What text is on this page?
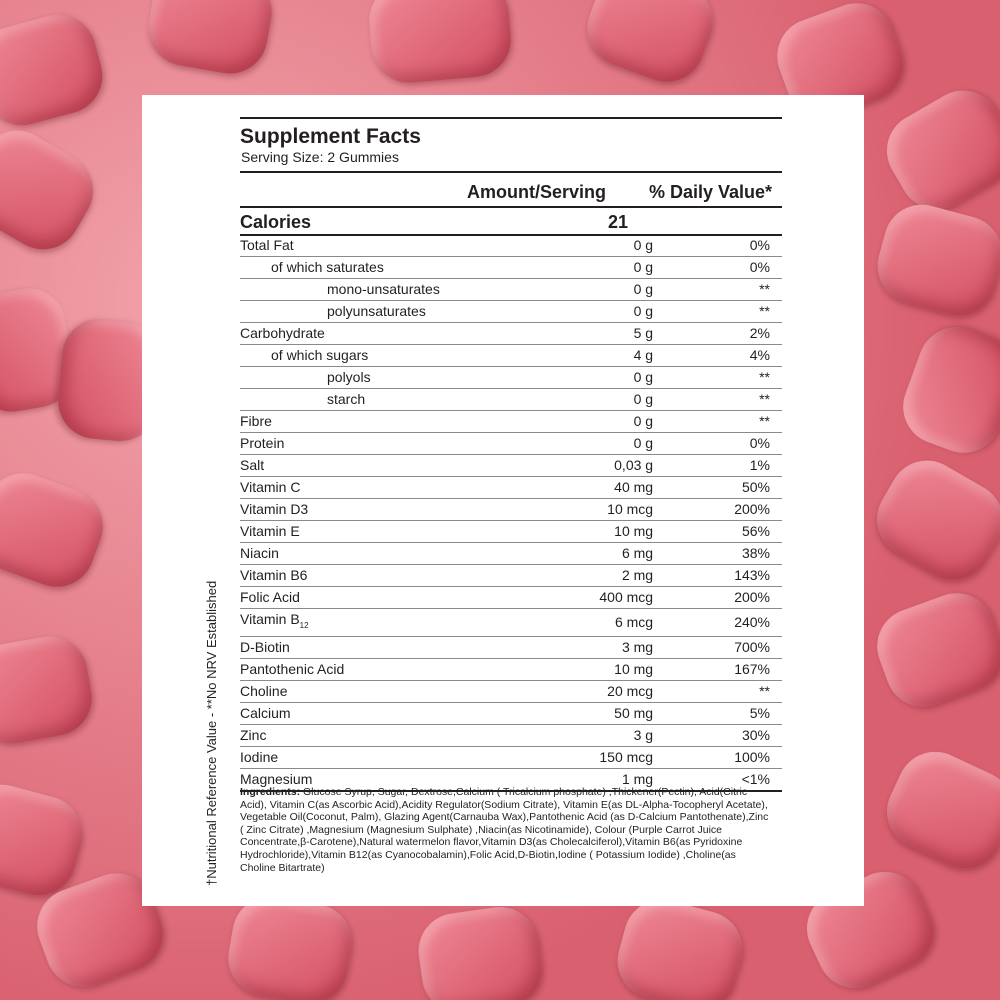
Supplement Facts
Serving Size: 2 Gummies
Amount/Serving % Daily Value*
Calories	21
Total Fat	0 g	0%
of which saturates	0 g	0%
mono-unsaturates	0 g	**
polyunsaturates	0 g	**
Carbohydrate	5 g	2%
of which sugars	4 g	4%
polyols	0 g	**
starch	0 g	**
Fibre	0 g	**
Protein	0 g	0%
Salt	0,03 g	1%
Vitamin C	40 mg	50%
Vitamin D3	10 mcg	200%
Vitamin E	10 mg	56%
Niacin	6 mg	38%
Vitamin B6	2 mg	143%
Folic Acid	400 mcg	200%
Vitamin $B_{12}$	6 mcg	240%
D-Biotin	3 mg	700%
Pantothenic Acid	10 mg	167%
Choline	20 mcg	**
Calcium	50 mg	5%
Zinc	3 g	30%
Iodine	150 mcg	100%
Magnesium	1 mg	<1%
Ingredients: Glucose Syrup, Sugar, Dextrose,Calcium ( Tricalcium phosphate) ,Thickener(Pectin), Acid(Citric Acid), Vitamin C(as Ascorbic Acid),Acidity Regulator(Sodium Citrate), Vitamin E(as DL-Alpha-Tocopheryl Acetate), Vegetable Oil(Coconut, Palm), Glazing Agent(Carnauba Wax),Pantothenic Acid (as D-Calcium Pantothenate),Zinc ( Zinc Citrate) ,Magnesium (Magnesium Sulphate) ,Niacin(as Nicotinamide), Colour (Purple Carrot Juice Concentrate,β-Carotene),Natural watermelon flavor,Vitamin D3(as Cholecalciferol),Vitamin B6(as Pyridoxine Hydrochloride),Vitamin B12(as Cyanocobalamin),Folic Acid,D-Biotin,Iodine ( Potassium Iodide) ,Choline(as Choline Bitartrate)
†Nutritional Reference Value - **No NRV Established
